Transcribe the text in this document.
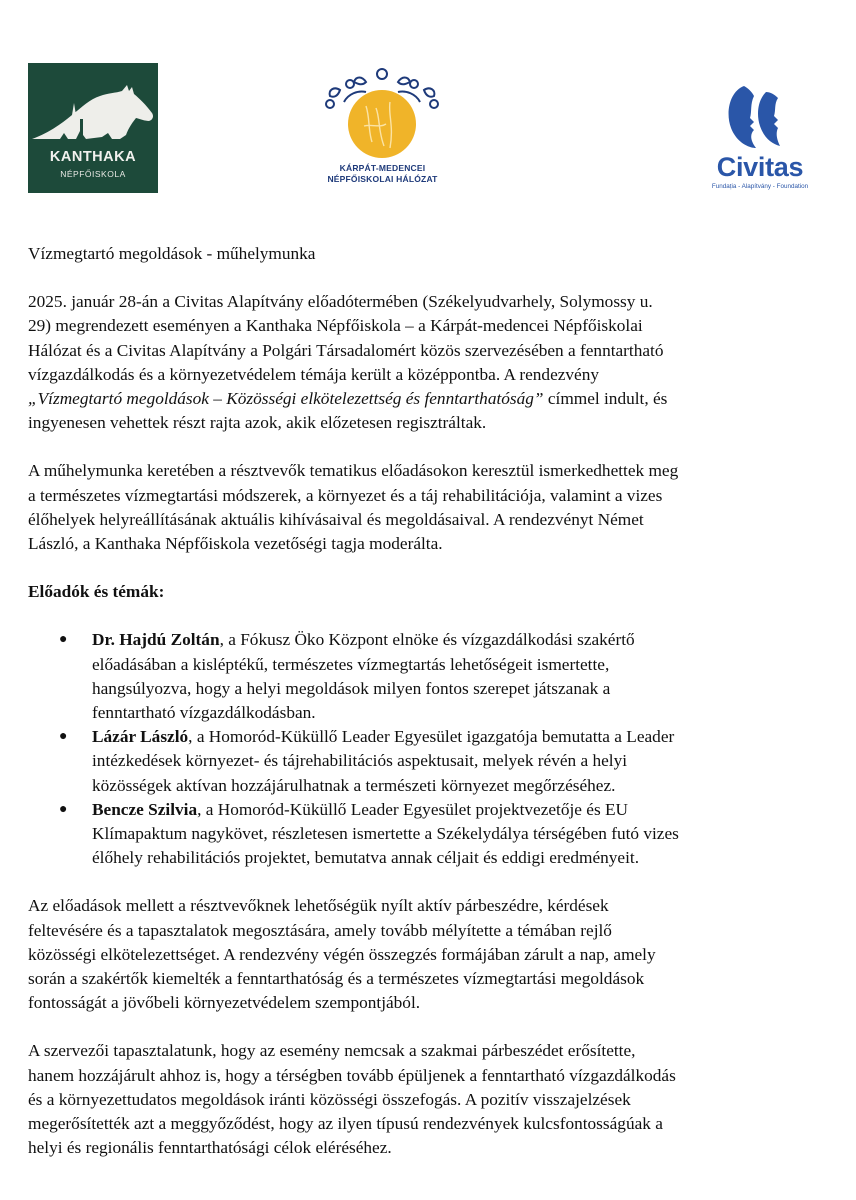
KANTHAKA
NÉPFŐISKOLA
KÁRPÁT-MEDENCEI
NÉPFŐISKOLAI HÁLÓZAT	Civitas
Fundația - Alapítvány - Foundation

Vízmegtartó megoldások - műhelymunka

2025. január 28-án a Civitas Alapítvány előadótermében (Székelyudvarhely, Solymossy u.
29) megrendezett eseményen a Kanthaka Népfőiskola – a Kárpát-medencei Népfőiskolai
Hálózat és a Civitas Alapítvány a Polgári Társadalomért közös szervezésében a fenntartható
vízgazdálkodás és a környezetvédelem témája került a középpontba. A rendezvény
„Vízmegtartó megoldások – Közösségi elkötelezettség és fenntarthatóság” címmel indult, és
ingyenesen vehettek részt rajta azok, akik előzetesen regisztráltak.

A műhelymunka keretében a résztvevők tematikus előadásokon keresztül ismerkedhettek meg
a természetes vízmegtartási módszerek, a környezet és a táj rehabilitációja, valamint a vizes
élőhelyek helyreállításának aktuális kihívásaival és megoldásaival. A rendezvényt Német
László, a Kanthaka Népfőiskola vezetőségi tagja moderálta.

Előadók és témák:

● Dr. Hajdú Zoltán, a Fókusz Öko Központ elnöke és vízgazdálkodási szakértő
előadásában a kisléptékű, természetes vízmegtartás lehetőségeit ismertette,
hangsúlyozva, hogy a helyi megoldások milyen fontos szerepet játszanak a
fenntartható vízgazdálkodásban.
● Lázár László, a Homoród-Küküllő Leader Egyesület igazgatója bemutatta a Leader
intézkedések környezet- és tájrehabilitációs aspektusait, melyek révén a helyi
közösségek aktívan hozzájárulhatnak a természeti környezet megőrzéséhez.
● Bencze Szilvia, a Homoród-Küküllő Leader Egyesület projektvezetője és EU
Klímapaktum nagykövet, részletesen ismertette a Székelydálya térségében futó vizes
élőhely rehabilitációs projektet, bemutatva annak céljait és eddigi eredményeit.

Az előadások mellett a résztvevőknek lehetőségük nyílt aktív párbeszédre, kérdések
feltevésére és a tapasztalatok megosztására, amely tovább mélyítette a témában rejlő
közösségi elkötelezettséget. A rendezvény végén összegzés formájában zárult a nap, amely
során a szakértők kiemelték a fenntarthatóság és a természetes vízmegtartási megoldások
fontosságát a jövőbeli környezetvédelem szempontjából.

A szervezői tapasztalatunk, hogy az esemény nemcsak a szakmai párbeszédet erősítette,
hanem hozzájárult ahhoz is, hogy a térségben tovább épüljenek a fenntartható vízgazdálkodás
és a környezettudatos megoldások iránti közösségi összefogás. A pozitív visszajelzések
megerősítették azt a meggyőződést, hogy az ilyen típusú rendezvények kulcsfontosságúak a
helyi és regionális fenntarthatósági célok eléréséhez.
